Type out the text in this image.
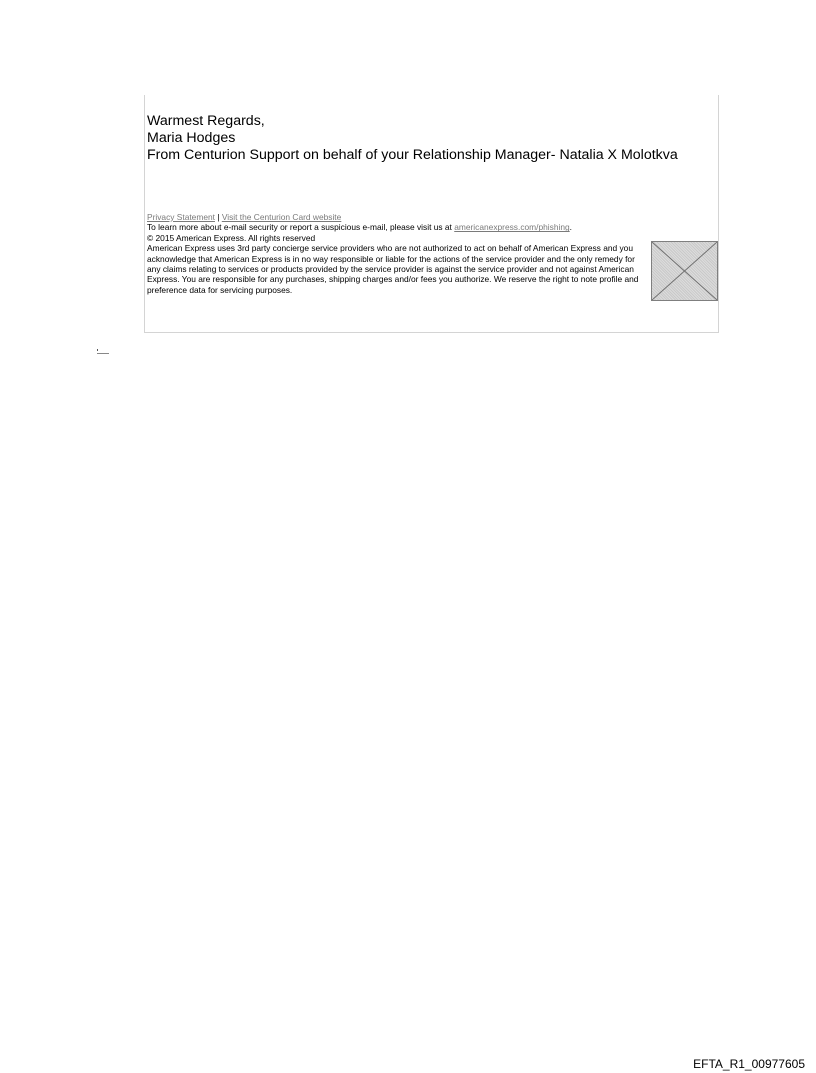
Warmest Regards,
Maria Hodges
From Centurion Support on behalf of your Relationship Manager- Natalia X Molotkva
Privacy Statement | Visit the Centurion Card website
To learn more about e-mail security or report a suspicious e-mail, please visit us at americanexpress.com/phishing.
© 2015 American Express. All rights reserved
American Express uses 3rd party concierge service providers who are not authorized to act on behalf of American Express and you acknowledge that American Express is in no way responsible or liable for the actions of the service provider and the only remedy for any claims relating to services or products provided by the service provider is against the service provider and not against American Express. You are responsible for any purchases, shipping charges and/or fees you authorize. We reserve the right to note profile and preference data for servicing purposes.
EFTA_R1_00977605
